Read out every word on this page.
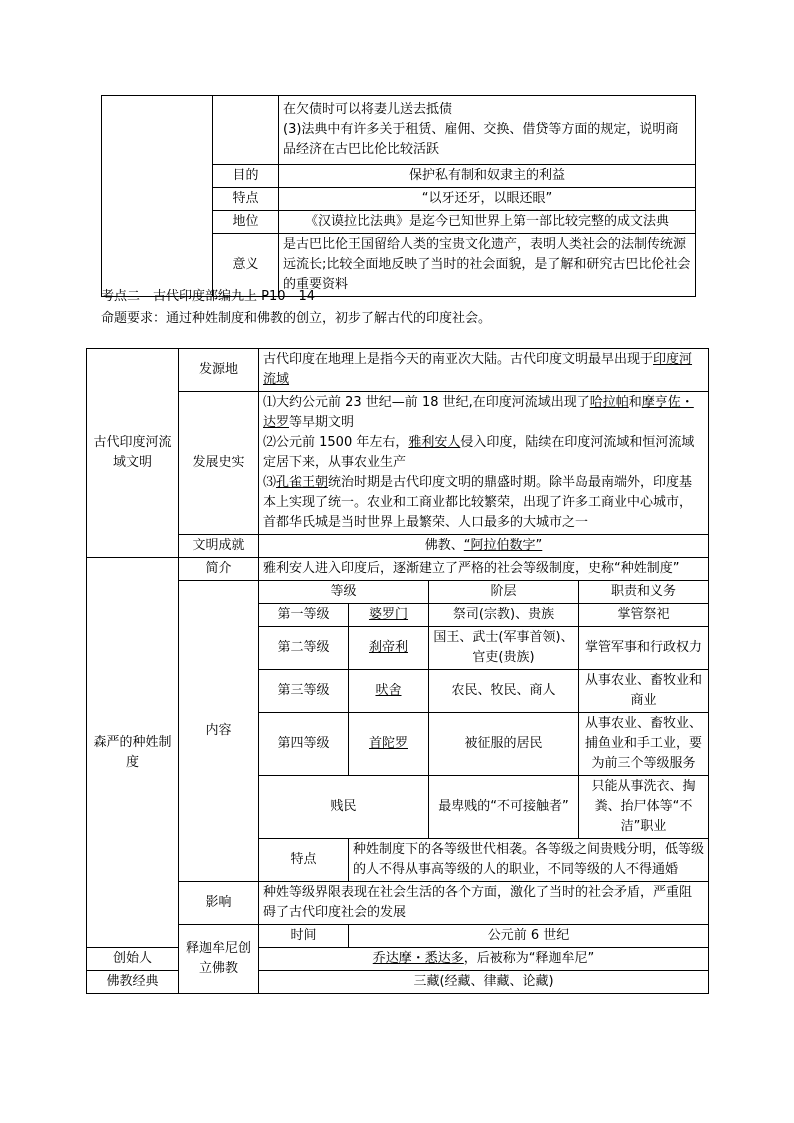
		在欠债时可以将妻儿送去抵债
(3)法典中有许多关于租赁、雇佣、交换、借贷等方面的规定，说明商品经济在古巴比伦比较活跃

	目的	保护私有制和奴隶主的利益
	特点	“以牙还牙，以眼还眼”
	地位	《汉谟拉比法典》是迄今已知世界上第一部比较完整的成文法典
	意义	是古巴比伦王国留给人类的宝贵文化遗产，表明人类社会的法制传统源远流长;比较全面地反映了当时的社会面貌，是了解和研究古巴比伦社会的重要资料
考点二　古代印度部编九上 P10—14
命题要求：通过种姓制度和佛教的创立，初步了解古代的印度社会。
古代印度河流域文明	发源地	古代印度在地理上是指今天的南亚次大陆。古代印度文明最早出现于印度河流域			
	发展史实	⑴大约公元前 23 世纪—前 18 世纪,在印度河流域出现了哈拉帕和摩亨佐・达罗等早期文明
⑵公元前 1500 年左右，雅利安人侵入印度，陆续在印度河流域和恒河流域定居下来，从事农业生产
⑶孔雀王朝统治时期是古代印度文明的鼎盛时期。除半岛最南端外，印度基本上实现了统一。农业和工商业都比较繁荣，出现了许多工商业中心城市，首都华氏城是当时世界上最繁荣、人口最多的大城市之一			

	文明成就	佛教、“阿拉伯数字”			
森严的种姓制度	简介	雅利安人进入印度后，逐渐建立了严格的社会等级制度，史称“种姓制度”			
	内容	等级		阶层	职责和义务
		第一等级	婆罗门	祭司(宗教)、贵族	掌管祭祀
		第二等级	刹帝利	国王、武士(军事首领)、官吏(贵族)	掌管军事和行政权力
		第三等级	吠舍	农民、牧民、商人	从事农业、畜牧业和商业
		第四等级	首陀罗	被征服的居民	从事农业、畜牧业、捕鱼业和手工业，要为前三个等级服务
		贱民		最卑贱的“不可接触者”	只能从事洗衣、掏粪、抬尸体等“不洁”职业
		特点	种姓制度下的各等级世代相袭。各等级之间贵贱分明，低等级的人不得从事高等级的人的职业，不同等级的人不得通婚		
	影响	种姓等级界限表现在社会生活的各个方面，激化了当时的社会矛盾，严重阻碍了古代印度社会的发展			
	释迦牟尼创立佛教	时间	公元前 6 世纪		
创始人		乔达摩・悉达多，后被称为“释迦牟尼”			
佛教经典		三藏(经藏、律藏、论藏)			
